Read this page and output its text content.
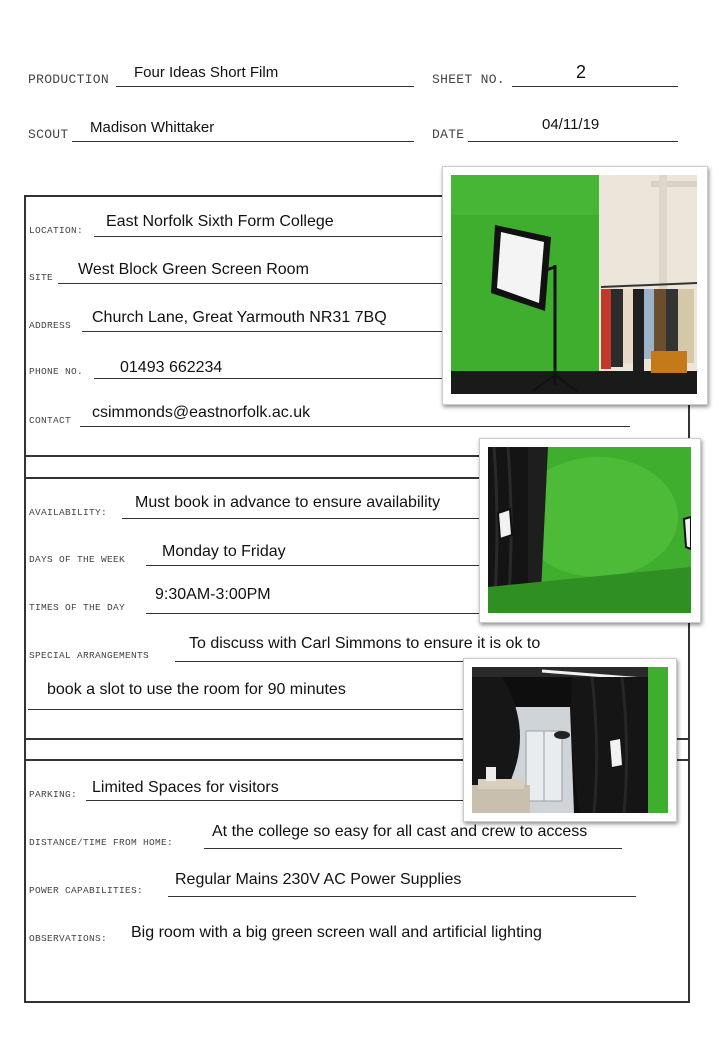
PRODUCTION Four Ideas Short Film	SHEET NO.	2
SCOUT Madison Whittaker	DATE
04/11/19
LOCATION:
East Norfolk Sixth Form College
SITE West Block Green Screen Room
ADDRESS Church Lane, Great Yarmouth NR31 7BQ
PHONE NO. 01493 662234
CONTACT csimmonds@eastnorfolk.ac.uk
AVAILABILITY:
Must book in advance to ensure availability
DAYS OF THE WEEK Monday to Friday
TIMES OF THE DAY
9:30AM-3:00PM
SPECIAL ARRANGEMENTS
To discuss with Carl Simmons to ensure it is ok to
book a slot to use the room for 90 minutes
PARKING: Limited Spaces for visitors
DISTANCE/TIME FROM HOME:
At the college so easy for all cast and crew to access
POWER CAPABILITIES:
Regular Mains 230V AC Power Supplies
OBSERVATIONS: Big room with a big green screen wall and artificial lighting
